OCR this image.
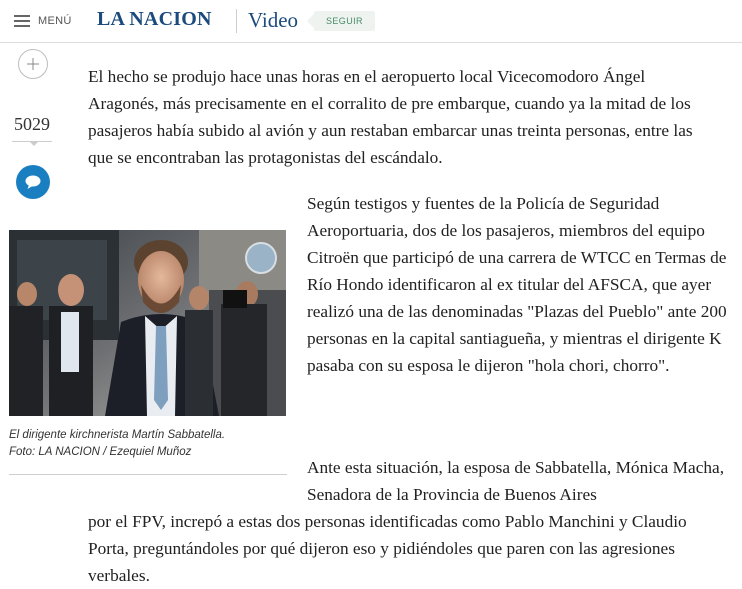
MENÚ LA NACION Video	SEGUIR
5029

El hecho se produjo hace unas horas en el aeropuerto local Vicecomodoro Ángel Aragonés, más precisamente en el corralito de pre embarque, cuando ya la mitad de los pasajeros había subido al avión y aun restaban embarcar unas treinta personas, entre las que se encontraban las protagonistas del escándalo.

Según testigos y fuentes de la Policía de Seguridad Aeroportuaria, dos de los pasajeros, miembros del equipo Citroën que participó de una carrera de WTCC en Termas de Río Hondo identificaron al ex titular del AFSCA, que ayer realizó una de las denominadas "Plazas del Pueblo" ante 200 personas en la capital santiagueña, y mientras el dirigente K pasaba con su esposa le dijeron "hola chori, chorro".

Ante esta situación, la esposa de Sabbatella, Mónica Macha, Senadora de la Provincia de Buenos Aires

por el FPV, increpó a estas dos personas identificadas como Pablo Manchini y Claudio Porta, preguntándoles por qué dijeron eso y pidiéndoles que paren con las agresiones verbales.

El dirigente kirchnerista Martín Sabbatella.
Foto: LA NACION / Ezequiel Muñoz
